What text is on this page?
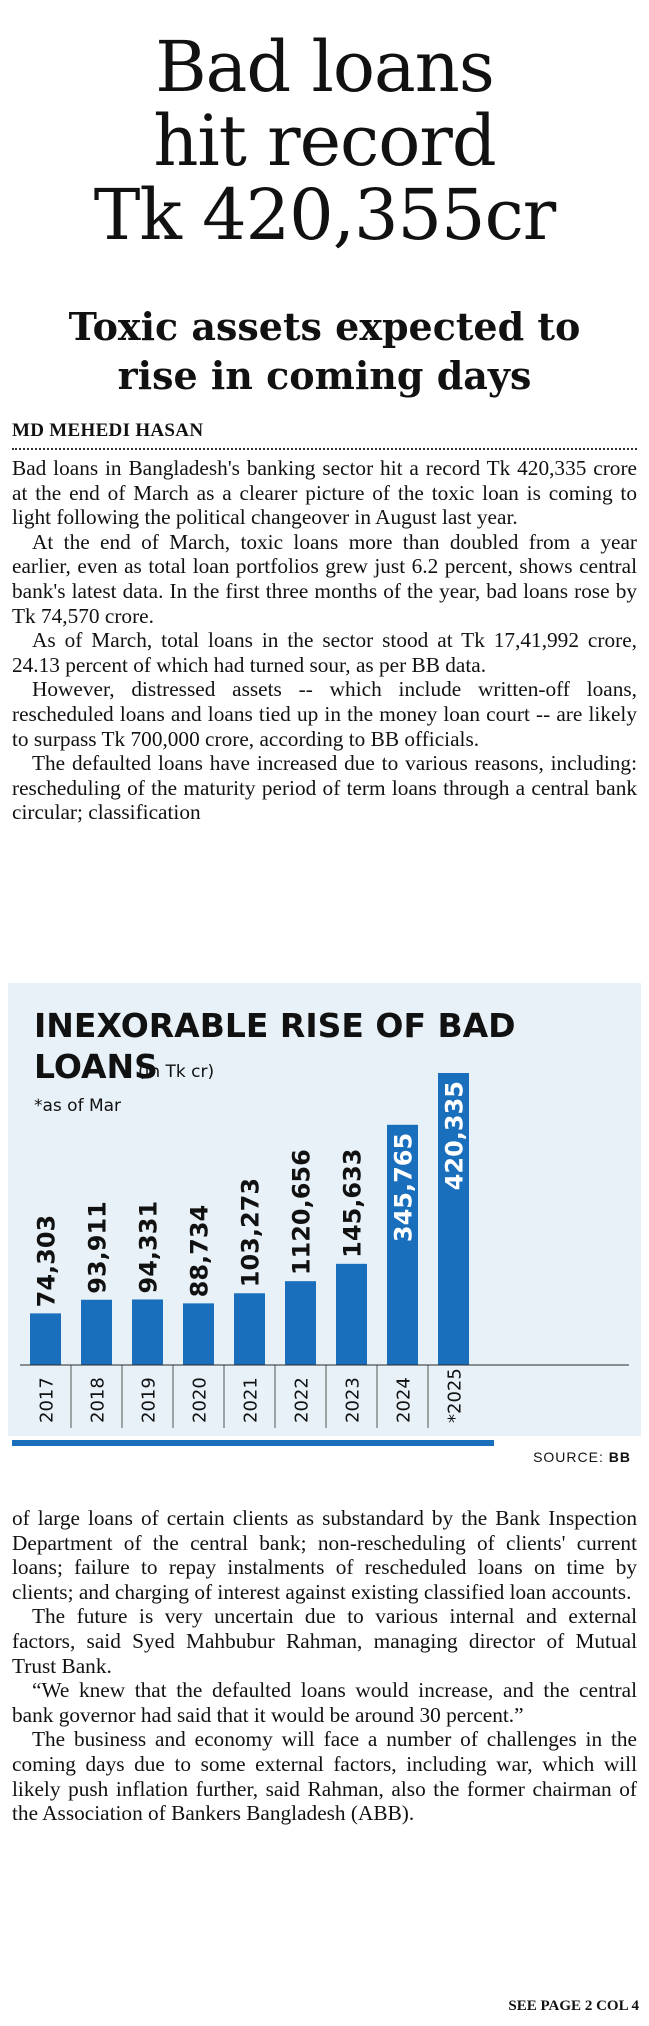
Bad loans
hit record
Tk 420,355cr
Toxic assets expected to
rise in coming days
MD MEHEDI HASAN

Bad loans in Bangladesh's banking sector hit a record Tk 420,335 crore at the end of March as a clearer picture of the toxic loan is coming to light following the political changeover in August last year.

At the end of March, toxic loans more than doubled from a year earlier, even as total loan portfolios grew just 6.2 percent, shows central bank's latest data. In the first three months of the year, bad loans rose by Tk 74,570 crore.

As of March, total loans in the sector stood at Tk 17,41,992 crore, 24.13 percent of which had turned sour, as per BB data.

However, distressed assets -- which include written-off loans, rescheduled loans and loans tied up in the money loan court -- are likely to surpass Tk 700,000 crore, according to BB officials.

The defaulted loans have increased due to various reasons, including: rescheduling of the maturity period of term loans through a central bank circular; classification

INEXORABLE RISE OF BAD
LOANS
(in Tk cr)
*as of Mar
74,303
2017
93,911
2018
94,331
2019
88,734
2020
103,273
2021
1120,656
2022
145,633
2023
345,765
2024
420,335
*2025
SOURCE: BB

of large loans of certain clients as substandard by the Bank Inspection Department of the central bank; non-rescheduling of clients' current loans; failure to repay instalments of rescheduled loans on time by clients; and charging of interest against existing classified loan accounts.

The future is very uncertain due to various internal and external factors, said Syed Mahbubur Rahman, managing director of Mutual Trust Bank.

“We knew that the defaulted loans would increase, and the central bank governor had said that it would be around 30 percent.”

The business and economy will face a number of challenges in the coming days due to some external factors, including war, which will likely push inflation further, said Rahman, also the former chairman of the Association of Bankers Bangladesh (ABB).

SEE PAGE 2 COL 4
